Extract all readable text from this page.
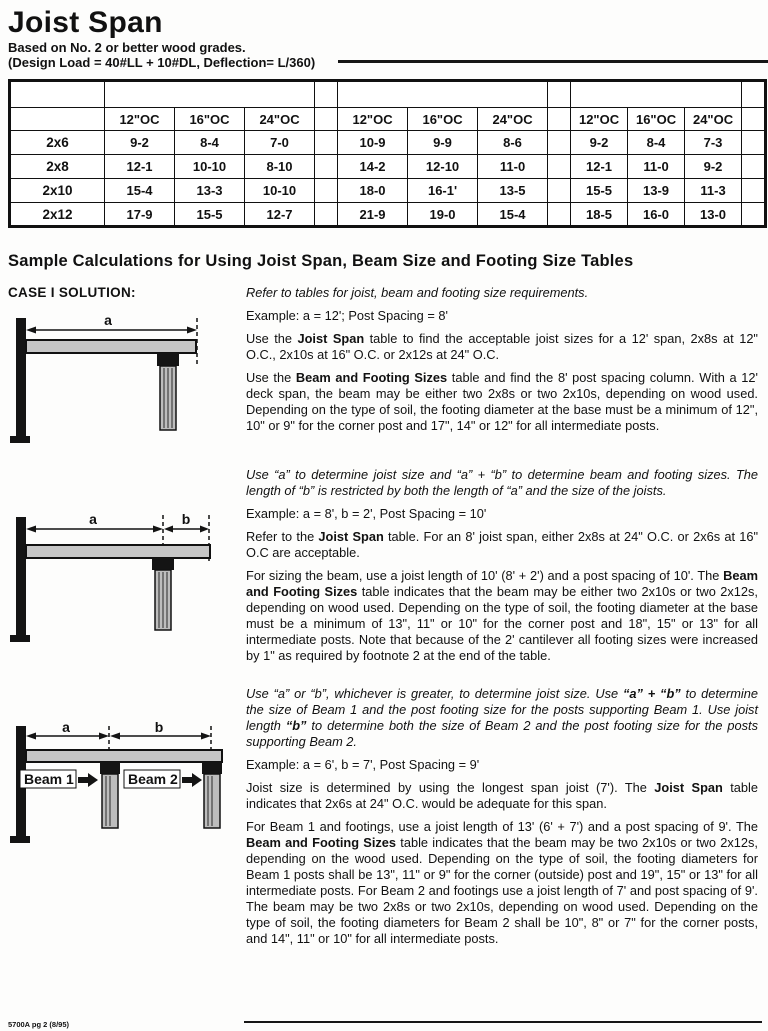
Joist Span
Based on No. 2 or better wood grades.
(Design Load = 40#LL + 10#DL, Deflection= L/360)
	Ponderosa Pine				Southern Pine				Western Cedar			
	12"OC	16"OC	24"OC		12"OC	16"OC	24"OC		12"OC	16"OC	24"OC	
2x6	9-2	8-4	7-0		10-9	9-9	8-6		9-2	8-4	7-3	
2x8	12-1	10-10	8-10		14-2	12-10	11-0		12-1	11-0	9-2	
2x10	15-4	13-3	10-10		18-0	16-1'	13-5		15-5	13-9	11-3	
2x12	17-9	15-5	12-7		21-9	19-0	15-4		18-5	16-0	13-0	
Sample Calculations for Using Joist Span, Beam Size and Footing Size Tables
CASE I SOLUTION:
a

Refer to tables for joist, beam and footing size requirements.

Example: a = 12'; Post Spacing = 8'

Use the Joist Span table to find the acceptable joist sizes for a 12' span, 2x8s at 12" O.C., 2x10s at 16" O.C. or 2x12s at 24" O.C.

Use the Beam and Footing Sizes table and find the 8' post spacing column. With a 12' deck span, the beam may be either two 2x8s or two 2x10s, depending on wood used. Depending on the type of soil, the footing diameter at the base must be a minimum of 12", 10" or 9" for the corner post and 17", 14" or 12" for all intermediate posts.

a	b

Use “a” to determine joist size and “a” + “b” to determine beam and footing sizes. The length of “b” is restricted by both the length of “a” and the size of the joists.

Example: a = 8', b = 2', Post Spacing = 10'

Refer to the Joist Span table. For an 8' joist span, either 2x8s at 24" O.C. or 2x6s at 16" O.C are acceptable.

For sizing the beam, use a joist length of 10' (8' + 2') and a post spacing of 10'. The Beam and Footing Sizes table indicates that the beam may be either two 2x10s or two 2x12s, depending on wood used. Depending on the type of soil, the footing diameter at the base must be a minimum of 13", 11" or 10" for the corner post and 18", 15" or 13" for all intermediate posts. Note that because of the 2' cantilever all footing sizes were increased by 1" as required by footnote 2 at the end of the table.

a	b
Beam 1	Beam 2

Use “a” or “b”, whichever is greater, to determine joist size. Use “a” + “b” to determine the size of Beam 1 and the post footing size for the posts supporting Beam 1. Use joist length “b” to determine both the size of Beam 2 and the post footing size for the posts supporting Beam 2.

Example: a = 6', b = 7', Post Spacing = 9'

Joist size is determined by using the longest span joist (7'). The Joist Span table indicates that 2x6s at 24" O.C. would be adequate for this span.

For Beam 1 and footings, use a joist length of 13' (6' + 7') and a post spacing of 9'. The Beam and Footing Sizes table indicates that the beam may be two 2x10s or two 2x12s, depending on the wood used. Depending on the type of soil, the footing diameters for Beam 1 posts shall be 13", 11" or 9" for the corner (outside) post and 19", 15" or 13" for all intermediate posts. For Beam 2 and footings use a joist length of 7' and post spacing of 9'. The beam may be two 2x8s or two 2x10s, depending on wood used. Depending on the type of soil, the footing diameters for Beam 2 shall be 10", 8" or 7" for the corner posts, and 14", 11" or 10" for all intermediate posts.

5700A pg 2 (8/95)
